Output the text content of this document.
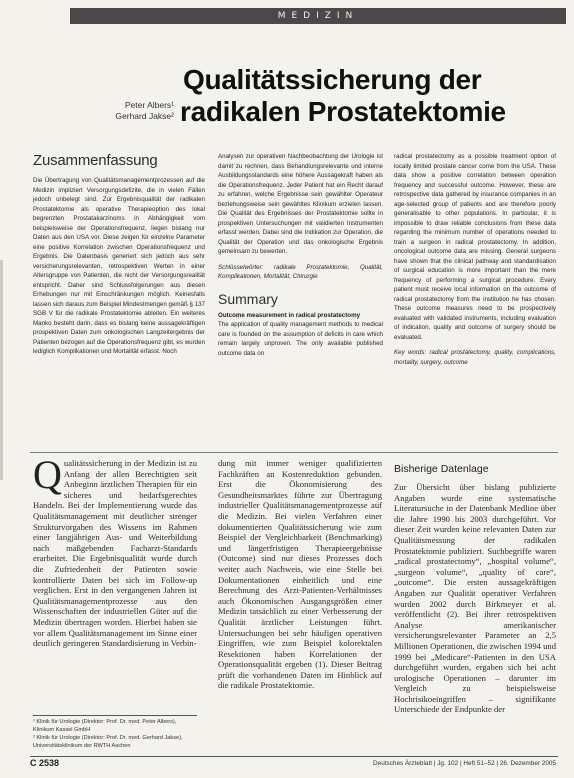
MEDIZIN
Qualitätssicherung der
radikalen Prostatektomie
Peter Albers¹
Gerhard Jakse²
Zusammenfassung
Die Übertragung von Qualitätsmanagementprozessen auf die Medizin impliziert Versorgungsdefizite, die in vielen Fällen jedoch unbelegt sind. Zur Ergebnisqualität der radikalen Prostatektomie als operative Therapieoption des lokal begrenzten Prostatakarzinoms in Abhängigkeit vom beispielsweise der Operationsfrequenz, liegen bislang nur Daten aus den USA vor. Diese zeigen für einzelne Parameter eine positive Korrelation zwischen Operationsfrequenz und Ergebnis. Die Datenbasis generiert sich jedoch aus sehr versicherungsrelevanten, retrospektiven Werten in einer Altersgruppe von Patienten, die nicht der Versorgungsrealität entspricht. Daher sind Schlussfolgerungen aus diesen Erhebungen nur mit Einschränkungen möglich. Keinesfalls lassen sich daraus zum Beispiel Mindestmengen gemäß § 137 SGB V für die radikale Prostatektomie ableiten. Ein weiteres Manko besteht darin, dass es bislang keine aussagekräftigen prospektiven Daten zum onkologischen Langzeitergebnis der Patienten bezogen auf die Operationsfrequenz gibt, es wurden lediglich Komplikationen und Mortalität erfasst. Noch
Analysen zur operativen Nachbeobachtung der Urologie ist damit zu rechnen, dass Behandlungsrelevante und interne Ausbildungsstandards eine höhere Aussagekraft haben als die Operationsfrequenz. Jeder Patient hat ein Recht darauf zu erfahren, welche Ergebnisse sein gewählter Operateur beziehungsweise sein gewähltes Klinikum erzielen lassen. Die Qualität des Ergebnisses der Prostatektomie sollte in prospektiven Untersuchungen mit validierten Instrumenten erfasst werden. Dabei sind die Indikation zur Operation, die Qualität der Operation und das onkologische Ergebnis gemeinsam zu bewerten.
Schlüsselwörter: radikale Prostatektomie, Qualität, Komplikationen, Mortalität, Chirurgie
Summary
Outcome measurement in radical prostatectomy
The application of quality management methods to medical care is founded on the assumption of deficits in care which remain largely unproven. The only available published outcome data on
radical prostatectomy as a possible treatment option of locally limited prostate cancer come from the USA. These data show a positive correlation between operation frequency and successful outcome. However, these are retrospective data gathered by insurance companies in an age-selected group of patients and are therefore poorly generalisable to other populations. In particular, it is impossible to draw reliable conclusions from these data regarding the minimum number of operations needed to train a surgeon in radical prostatectomy. In addition, oncological outcome data are missing. General surgeons have shown that the clinical pathway and standardisation of surgical education is more important than the mere frequency of performing a surgical procedure. Every patient must receive local information on the outcome of radical prostatectomy from the institution he has chosen. These outcome measures need to be prospectively evaluated with validated instruments, including evaluation of indication, quality and outcome of surgery should be evaluated.
Key words: radical prostatectomy, quality, complications, mortality, surgery, outcome
Q ualitätssicherung in der Medizin ist zu Anfang der allen Berechtigten seit Anbeginn ärztlichen Therapien für ein sicheres und bedarfsgerechtes Handeln. Bei der Implementierung wurde das Qualitätsmanagement mit deutlicher strenger Strukturvorgaben des Wissens im Rahmen einer langjährigen Aus- und Weiterbildung nach maßgebenden Facharzt-Standards erarbeitet. Die Ergebnisqualität wurde durch die Zufriedenheit der Patienten sowie kontrollierte Daten bei sich im Follow-up verglichen. Erst in den vergangenen Jahren ist Qualitätsmanagementprozesse aus den Wissenschaften der industriellen Güter auf die Medizin übertragen worden. Hierbei haben sie vor allem Qualitätsmanagement im Sinne einer deutlich geringeren Standardisierung in Verbin-
dung mit immer weniger qualifizierten Fachkräften an Kostenreduktion gebunden. Erst die Ökonomisierung des Gesundheitsmarktes führte zur Übertragung industrieller Qualitätsmanagementprozesse auf die Medizin. Bei vielen Verfahren einer dokumentierten Qualitätssicherung wie zum Beispiel der Vergleichbarkeit (Benchmarking) und längerfristigen Therapieergebnisse (Outcome) sind nur dieses Prozesses doch weiter auch Nachweis, wie eine Stelle bei Dokumentationen einheitlich und eine Berechnung des Arzt-Patienten-Verhältnisses auch Ökonomischen Ausgangsgrößen einer Medizin tatsächlich zu einer Verbesserung der Qualität ärztlicher Leistungen führt. Untersuchungen bei sehr häufigen operativen Eingriffen, wie zum Beispiel kolorektalen Resektionen haben Korrelationen der Operationsqualität ergeben (1). Dieser Beitrag prüft die vorhandenen Daten im Hinblick auf die radikale Prostatektomie.
Bisherige Datenlage
Zur Übersicht über bislang publizierte Angaben wurde eine systematische Literatursuche in der Datenbank Medline über die Jahre 1990 bis 2003 durchgeführt. Vor dieser Zeit wurden keine relevanten Daten zur Qualitätsmessung der radikalen Prostatektomie publiziert. Suchbegriffe waren „radical prostatectomy“, „hospital volume“, „surgeon volume“, „quality of care“, „outcome“. Die ersten aussagekräftigen Angaben zur Qualität operativer Verfahren wurden 2002 durch Birkmeyer et al. veröffentlicht (2). Bei ihrer retrospektiven Analyse amerikanischer versicherungsrelevanter Parameter an 2,5 Millionen Operationen, die zwischen 1994 und 1999 bei „Medicare“-Patienten in den USA durchgeführt wurden, ergaben sich bei acht urologische Operationen – darunter im Vergleich zu beispielsweise Hochrisikoeingriffen – signifikante Unterschiede der Endpunkte der
¹ Klinik für Urologie (Direktor: Prof. Dr. med. Peter Albers), Klinikum Kassel GmbH
² Klinik für Urologie (Direktor: Prof. Dr. med. Gerhard Jakse), Universitätsklinikum der RWTH Aachen
C 2538	Deutsches Ärzteblatt | Jg. 102 | Heft 51–52 | 26. Dezember 2005
